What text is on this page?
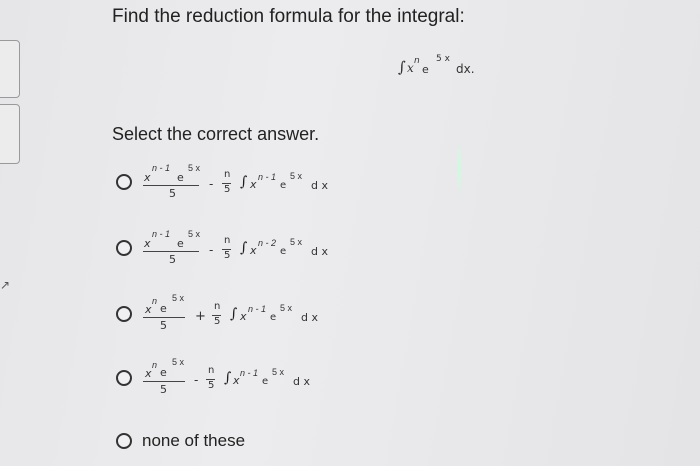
↗
Find the reduction formula for the integral:
∫ x n
e
5 x
dx.
Select the correct answer.
n - 1 5 x
x e
5
-
n
5 ∫ x
n - 1
e
5 x
d x
n - 1 5 x
x e
5
-
n
5 ∫ x
n - 2
e
5 x
d x
n 5 x
x e
5
+
n
5 ∫ x
n - 1
e
5 x
d x
n 5 x
x e
5
-
n
5 ∫ x
n - 1
e
5 x
d x
none of these
